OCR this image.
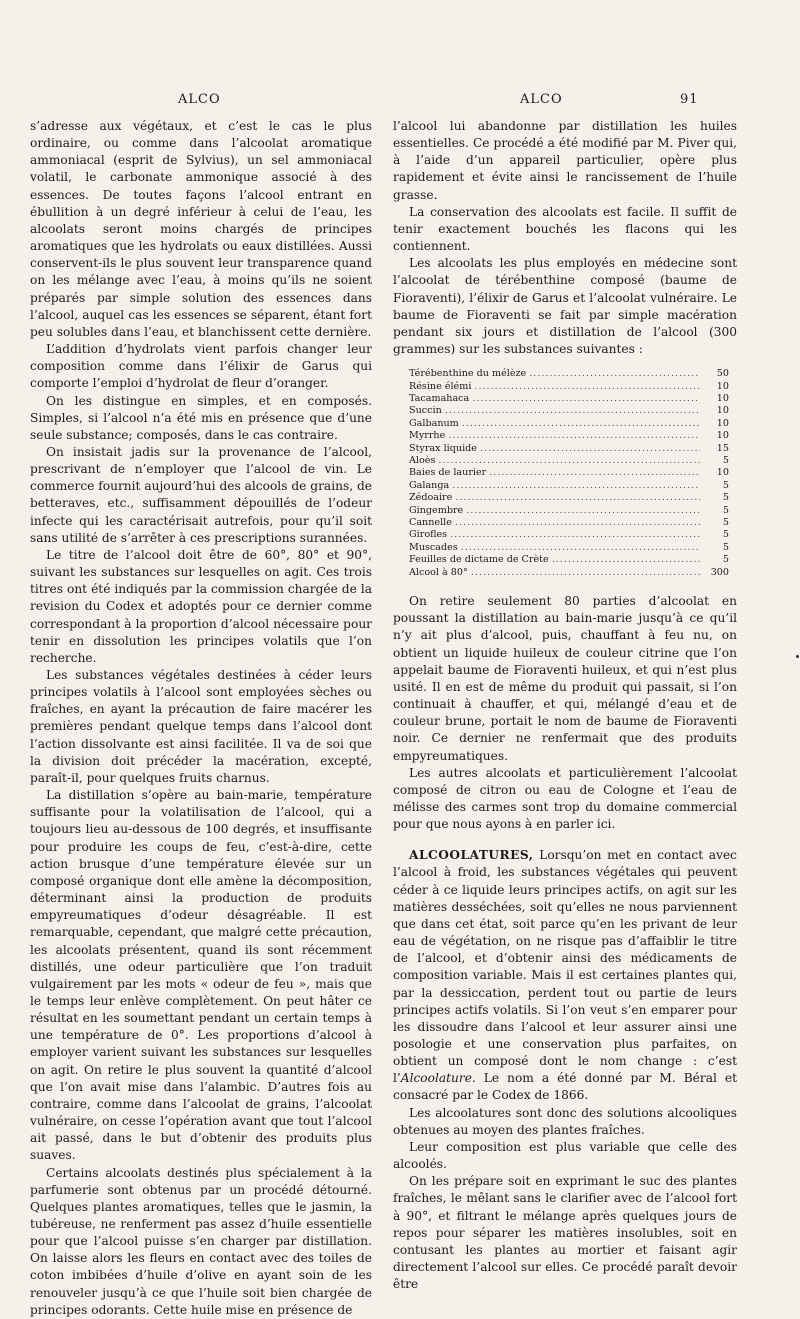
ALCO	ALCO	91

s’adresse aux végétaux, et c’est le cas le plus ordinaire, ou comme dans l’alcoolat aromatique ammoniacal (esprit de Sylvius), un sel ammoniacal volatil, le carbonate ammonique associé à des essences. De toutes façons l’alcool entrant en ébullition à un degré inférieur à celui de l’eau, les alcoolats seront moins chargés de principes aromatiques que les hydrolats ou eaux distillées. Aussi conservent-ils le plus souvent leur transparence quand on les mélange avec l’eau, à moins qu’ils ne soient préparés par simple solution des essences dans l’alcool, auquel cas les essences se séparent, étant fort peu solubles dans l’eau, et blanchissent cette dernière.

L’addition d’hydrolats vient parfois changer leur composition comme dans l’élixir de Garus qui comporte l’emploi d’hydrolat de fleur d’oranger.

On les distingue en simples, et en composés. Simples, si l’alcool n’a été mis en présence que d’une seule substance; composés, dans le cas contraire.

On insistait jadis sur la provenance de l’alcool, prescrivant de n’employer que l’alcool de vin. Le commerce fournit aujourd’hui des alcools de grains, de betteraves, etc., suffisamment dépouillés de l’odeur infecte qui les caractérisait autrefois, pour qu’il soit sans utilité de s’arrêter à ces prescriptions surannées.

Le titre de l’alcool doit être de 60°, 80° et 90°, suivant les substances sur lesquelles on agit. Ces trois titres ont été indiqués par la commission chargée de la revision du Codex et adoptés pour ce dernier comme correspondant à la proportion d’alcool nécessaire pour tenir en dissolution les principes volatils que l’on recherche.

Les substances végétales destinées à céder leurs principes volatils à l’alcool sont employées sèches ou fraîches, en ayant la précaution de faire macérer les premières pendant quelque temps dans l’alcool dont l’action dissolvante est ainsi facilitée. Il va de soi que la division doit précéder la macération, excepté, paraît-il, pour quelques fruits charnus.

La distillation s’opère au bain-marie, température suffisante pour la volatilisation de l’alcool, qui a toujours lieu au-dessous de 100 degrés, et insuffisante pour produire les coups de feu, c’est-à-dire, cette action brusque d’une température élevée sur un composé organique dont elle amène la décomposition, déterminant ainsi la production de produits empyreumatiques d’odeur désagréable. Il est remarquable, cependant, que malgré cette précaution, les alcoolats présentent, quand ils sont récemment distillés, une odeur particulière que l’on traduit vulgairement par les mots « odeur de feu », mais que le temps leur enlève complètement. On peut hâter ce résultat en les soumettant pendant un certain temps à une température de 0°. Les proportions d’alcool à employer varient suivant les substances sur lesquelles on agit. On retire le plus souvent la quantité d’alcool que l’on avait mise dans l’alambic. D’autres fois au contraire, comme dans l’alcoolat de grains, l’alcoolat vulnéraire, on cesse l’opération avant que tout l’alcool ait passé, dans le but d’obtenir des produits plus suaves.

Certains alcoolats destinés plus spécialement à la parfumerie sont obtenus par un procédé détourné. Quelques plantes aromatiques, telles que le jasmin, la tubéreuse, ne renferment pas assez d’huile essentielle pour que l’alcool puisse s’en charger par distillation. On laisse alors les fleurs en contact avec des toiles de coton imbibées d’huile d’olive en ayant soin de les renouveler jusqu’à ce que l’huile soit bien chargée de principes odorants. Cette huile mise en présence de

l’alcool lui abandonne par distillation les huiles essentielles. Ce procédé a été modifié par M. Piver qui, à l’aide d’un appareil particulier, opère plus rapidement et évite ainsi le rancissement de l’huile grasse.

La conservation des alcoolats est facile. Il suffit de tenir exactement bouchés les flacons qui les contiennent.

Les alcoolats les plus employés en médecine sont l’alcoolat de térébenthine composé (baume de Fioraventi), l’élixir de Garus et l’alcoolat vulnéraire. Le baume de Fioraventi se fait par simple macération pendant six jours et distillation de l’alcool (300 grammes) sur les substances suivantes :

Térébenthine du mélèze .....	50
Résine élémi .....	10
Tacamahaca .....	10
Succin .....	10
Galbanum .....	10
Myrrhe .....	10
Styrax liquide .....	15
Aloès .....	5
Baies de laurier .....	10
Galanga .....	5
Zédoaire .....	5
Gingembre .....	5
Cannelle .....	5
Girofles .....	5
Muscades .....	5
Feuilles de dictame de Crète .....	5
Alcool à 80° .....	300

On retire seulement 80 parties d’alcoolat en poussant la distillation au bain-marie jusqu’à ce qu’il n’y ait plus d’alcool, puis, chauffant à feu nu, on obtient un liquide huileux de couleur citrine que l’on appelait baume de Fioraventi huileux, et qui n’est plus usité. Il en est de même du produit qui passait, si l’on continuait à chauffer, et qui, mélangé d’eau et de couleur brune, portait le nom de baume de Fioraventi noir. Ce dernier ne renfermait que des produits empyreumatiques.

Les autres alcoolats et particulièrement l’alcoolat composé de citron ou eau de Cologne et l’eau de mélisse des carmes sont trop du domaine commercial pour que nous ayons à en parler ici.

ALCOOLATURES, Lorsqu’on met en contact avec l’alcool à froid, les substances végétales qui peuvent céder à ce liquide leurs principes actifs, on agit sur les matières desséchées, soit qu’elles ne nous parviennent que dans cet état, soit parce qu’en les privant de leur eau de végétation, on ne risque pas d’affaiblir le titre de l’alcool, et d’obtenir ainsi des médicaments de composition variable. Mais il est certaines plantes qui, par la dessiccation, perdent tout ou partie de leurs principes actifs volatils. Si l’on veut s’en emparer pour les dissoudre dans l’alcool et leur assurer ainsi une posologie et une conservation plus parfaites, on obtient un composé dont le nom change : c’est l’Alcoolature. Le nom a été donné par M. Béral et consacré par le Codex de 1866.

Les alcoolatures sont donc des solutions alcooliques obtenues au moyen des plantes fraîches.

Leur composition est plus variable que celle des alcoolés.

On les prépare soit en exprimant le suc des plantes fraîches, le mêlant sans le clarifier avec de l’alcool fort à 90°, et filtrant le mélange après quelques jours de repos pour séparer les matières insolubles, soit en contusant les plantes au mortier et faisant agir directement l’alcool sur elles. Ce procédé paraît devoir être
